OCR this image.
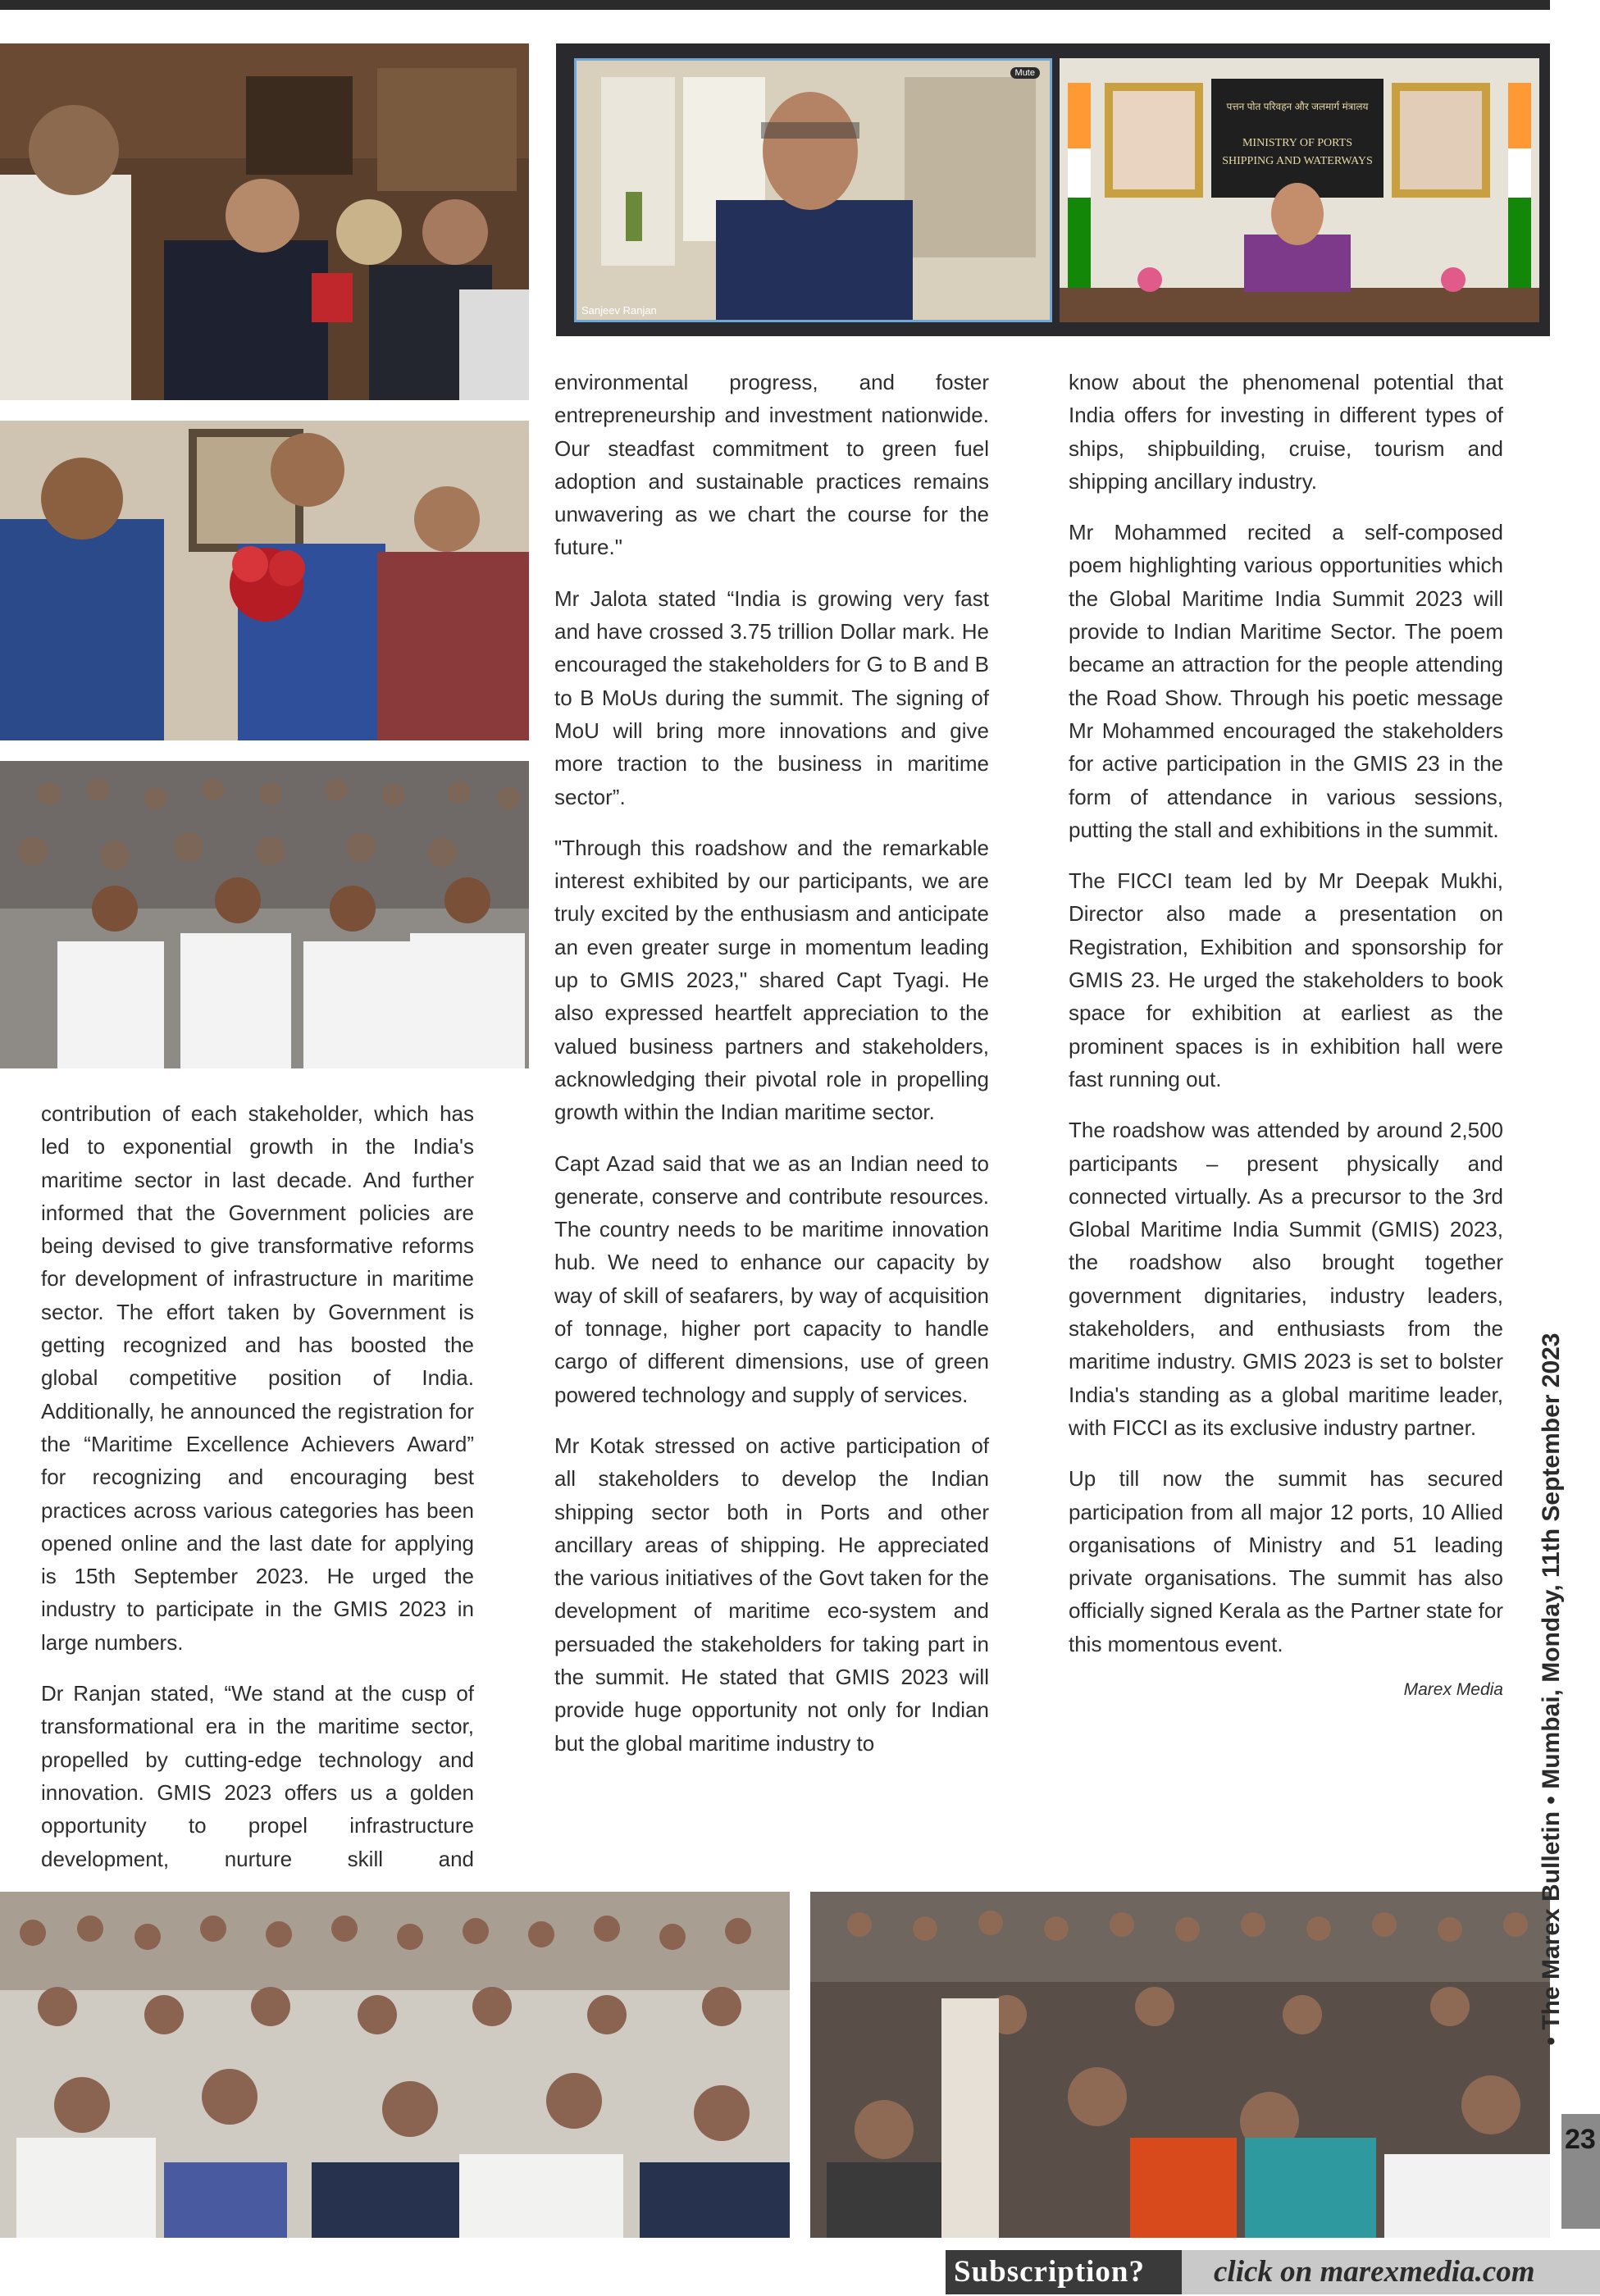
Sanjeev Ranjan
Mute
पत्तन पोत परिवहन और जलमार्ग मंत्रालय
MINISTRY OF PORTS
SHIPPING AND WATERWAYS

contribution of each stakeholder, which has led to exponential growth in the India's maritime sector in last decade. And further informed that the Government policies are being devised to give transformative reforms for development of infrastructure in maritime sector. The effort taken by Government is getting recognized and has boosted the global competitive position of India. Additionally, he announced the registration for the “Maritime Excellence Achievers Award” for recognizing and encouraging best practices across various categories has been opened online and the last date for applying is 15th September 2023. He urged the industry to participate in the GMIS 2023 in large numbers.

Dr Ranjan stated, “We stand at the cusp of transformational era in the maritime sector, propelled by cutting-edge technology and innovation. GMIS 2023 offers us a golden opportunity to propel infrastructure development, nurture skill and

environmental progress, and foster entrepreneurship and investment nationwide. Our steadfast commitment to green fuel adoption and sustainable practices remains unwavering as we chart the course for the future."

Mr Jalota stated “India is growing very fast and have crossed 3.75 trillion Dollar mark. He encouraged the stakeholders for G to B and B to B MoUs during the summit. The signing of MoU will bring more innovations and give more traction to the business in maritime sector”.

"Through this roadshow and the remarkable interest exhibited by our participants, we are truly excited by the enthusiasm and anticipate an even greater surge in momentum leading up to GMIS 2023," shared Capt Tyagi. He also expressed heartfelt appreciation to the valued business partners and stakeholders, acknowledging their pivotal role in propelling growth within the Indian maritime sector.

Capt Azad said that we as an Indian need to generate, conserve and contribute resources. The country needs to be maritime innovation hub. We need to enhance our capacity by way of skill of seafarers, by way of acquisition of tonnage, higher port capacity to handle cargo of different dimensions, use of green powered technology and supply of services.

Mr Kotak stressed on active participation of all stakeholders to develop the Indian shipping sector both in Ports and other ancillary areas of shipping. He appreciated the various initiatives of the Govt taken for the development of maritime eco-system and persuaded the stakeholders for taking part in the summit. He stated that GMIS 2023 will provide huge opportunity not only for Indian but the global maritime industry to

know about the phenomenal potential that India offers for investing in different types of ships, shipbuilding, cruise, tourism and shipping ancillary industry.

Mr Mohammed recited a self-composed poem highlighting various opportunities which the Global Maritime India Summit 2023 will provide to Indian Maritime Sector. The poem became an attraction for the people attending the Road Show. Through his poetic message Mr Mohammed encouraged the stakeholders for active participation in the GMIS 23 in the form of attendance in various sessions, putting the stall and exhibitions in the summit.

The FICCI team led by Mr Deepak Mukhi, Director also made a presentation on Registration, Exhibition and sponsorship for GMIS 23. He urged the stakeholders to book space for exhibition at earliest as the prominent spaces is in exhibition hall were fast running out.

The roadshow was attended by around 2,500 participants – present physically and connected virtually. As a precursor to the 3rd Global Maritime India Summit (GMIS) 2023, the roadshow also brought together government dignitaries, industry leaders, stakeholders, and enthusiasts from the maritime industry. GMIS 2023 is set to bolster India's standing as a global maritime leader, with FICCI as its exclusive industry partner.

Up till now the summit has secured participation from all major 12 ports, 10 Allied organisations of Ministry and 51 leading private organisations. The summit has also officially signed Kerala as the Partner state for this momentous event.

Marex Media • The Marex Bulletin • Mumbai, Monday, 11th September 2023
23
Subscription? click on marexmedia.com
